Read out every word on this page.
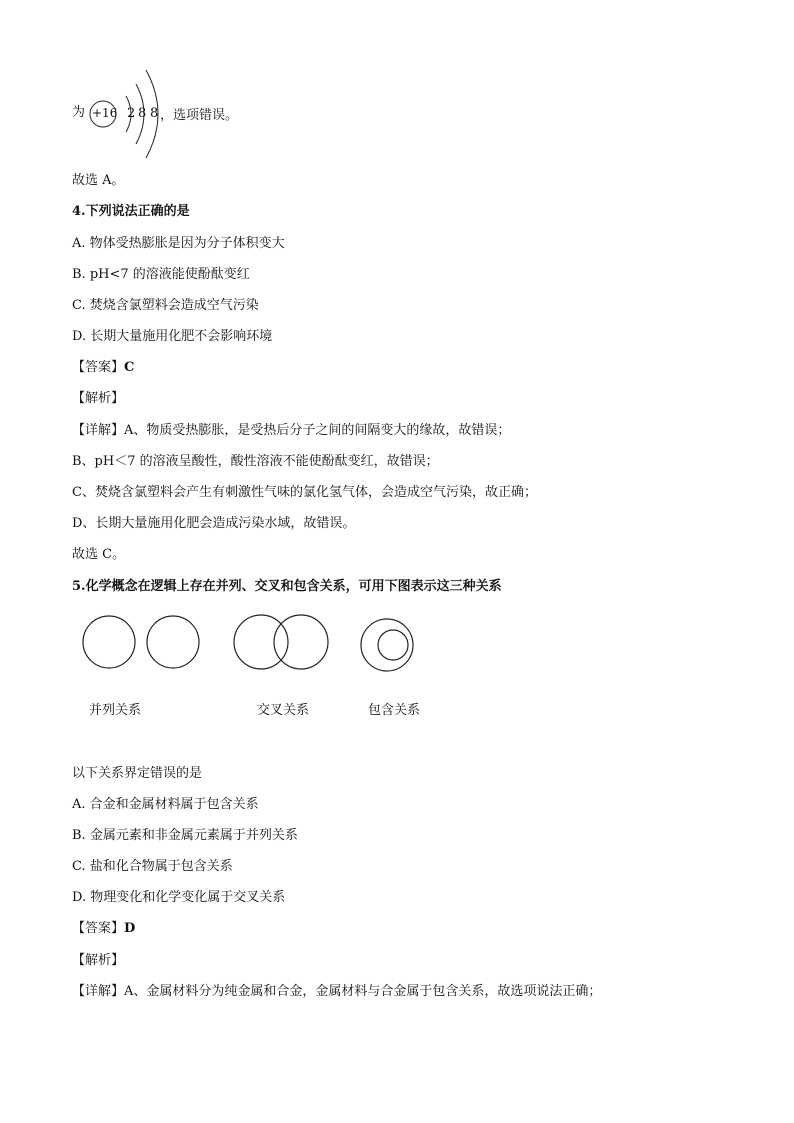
为 +16 2 8 8 ，选项错误。
故选 A。
4.下列说法正确的是
A. 物体受热膨胀是因为分子体积变大
B. pH<7 的溶液能使酚酞变红
C. 焚烧含氯塑料会造成空气污染
D. 长期大量施用化肥不会影响环境
【答案】C
【解析】
【详解】A、物质受热膨胀，是受热后分子之间的间隔变大的缘故，故错误；
B、pH＜7 的溶液呈酸性，酸性溶液不能使酚酞变红，故错误；
C、焚烧含氯塑料会产生有刺激性气味的氯化氢气体，会造成空气污染，故正确；
D、长期大量施用化肥会造成污染水域，故错误。
故选 C。
5.化学概念在逻辑上存在并列、交叉和包含关系，可用下图表示这三种关系
并列关系	交叉关系	包含关系
以下关系界定错误的是
A. 合金和金属材料属于包含关系
B. 金属元素和非金属元素属于并列关系
C. 盐和化合物属于包含关系
D. 物理变化和化学变化属于交叉关系
【答案】D
【解析】
【详解】A、金属材料分为纯金属和合金，金属材料与合金属于包含关系，故选项说法正确；
